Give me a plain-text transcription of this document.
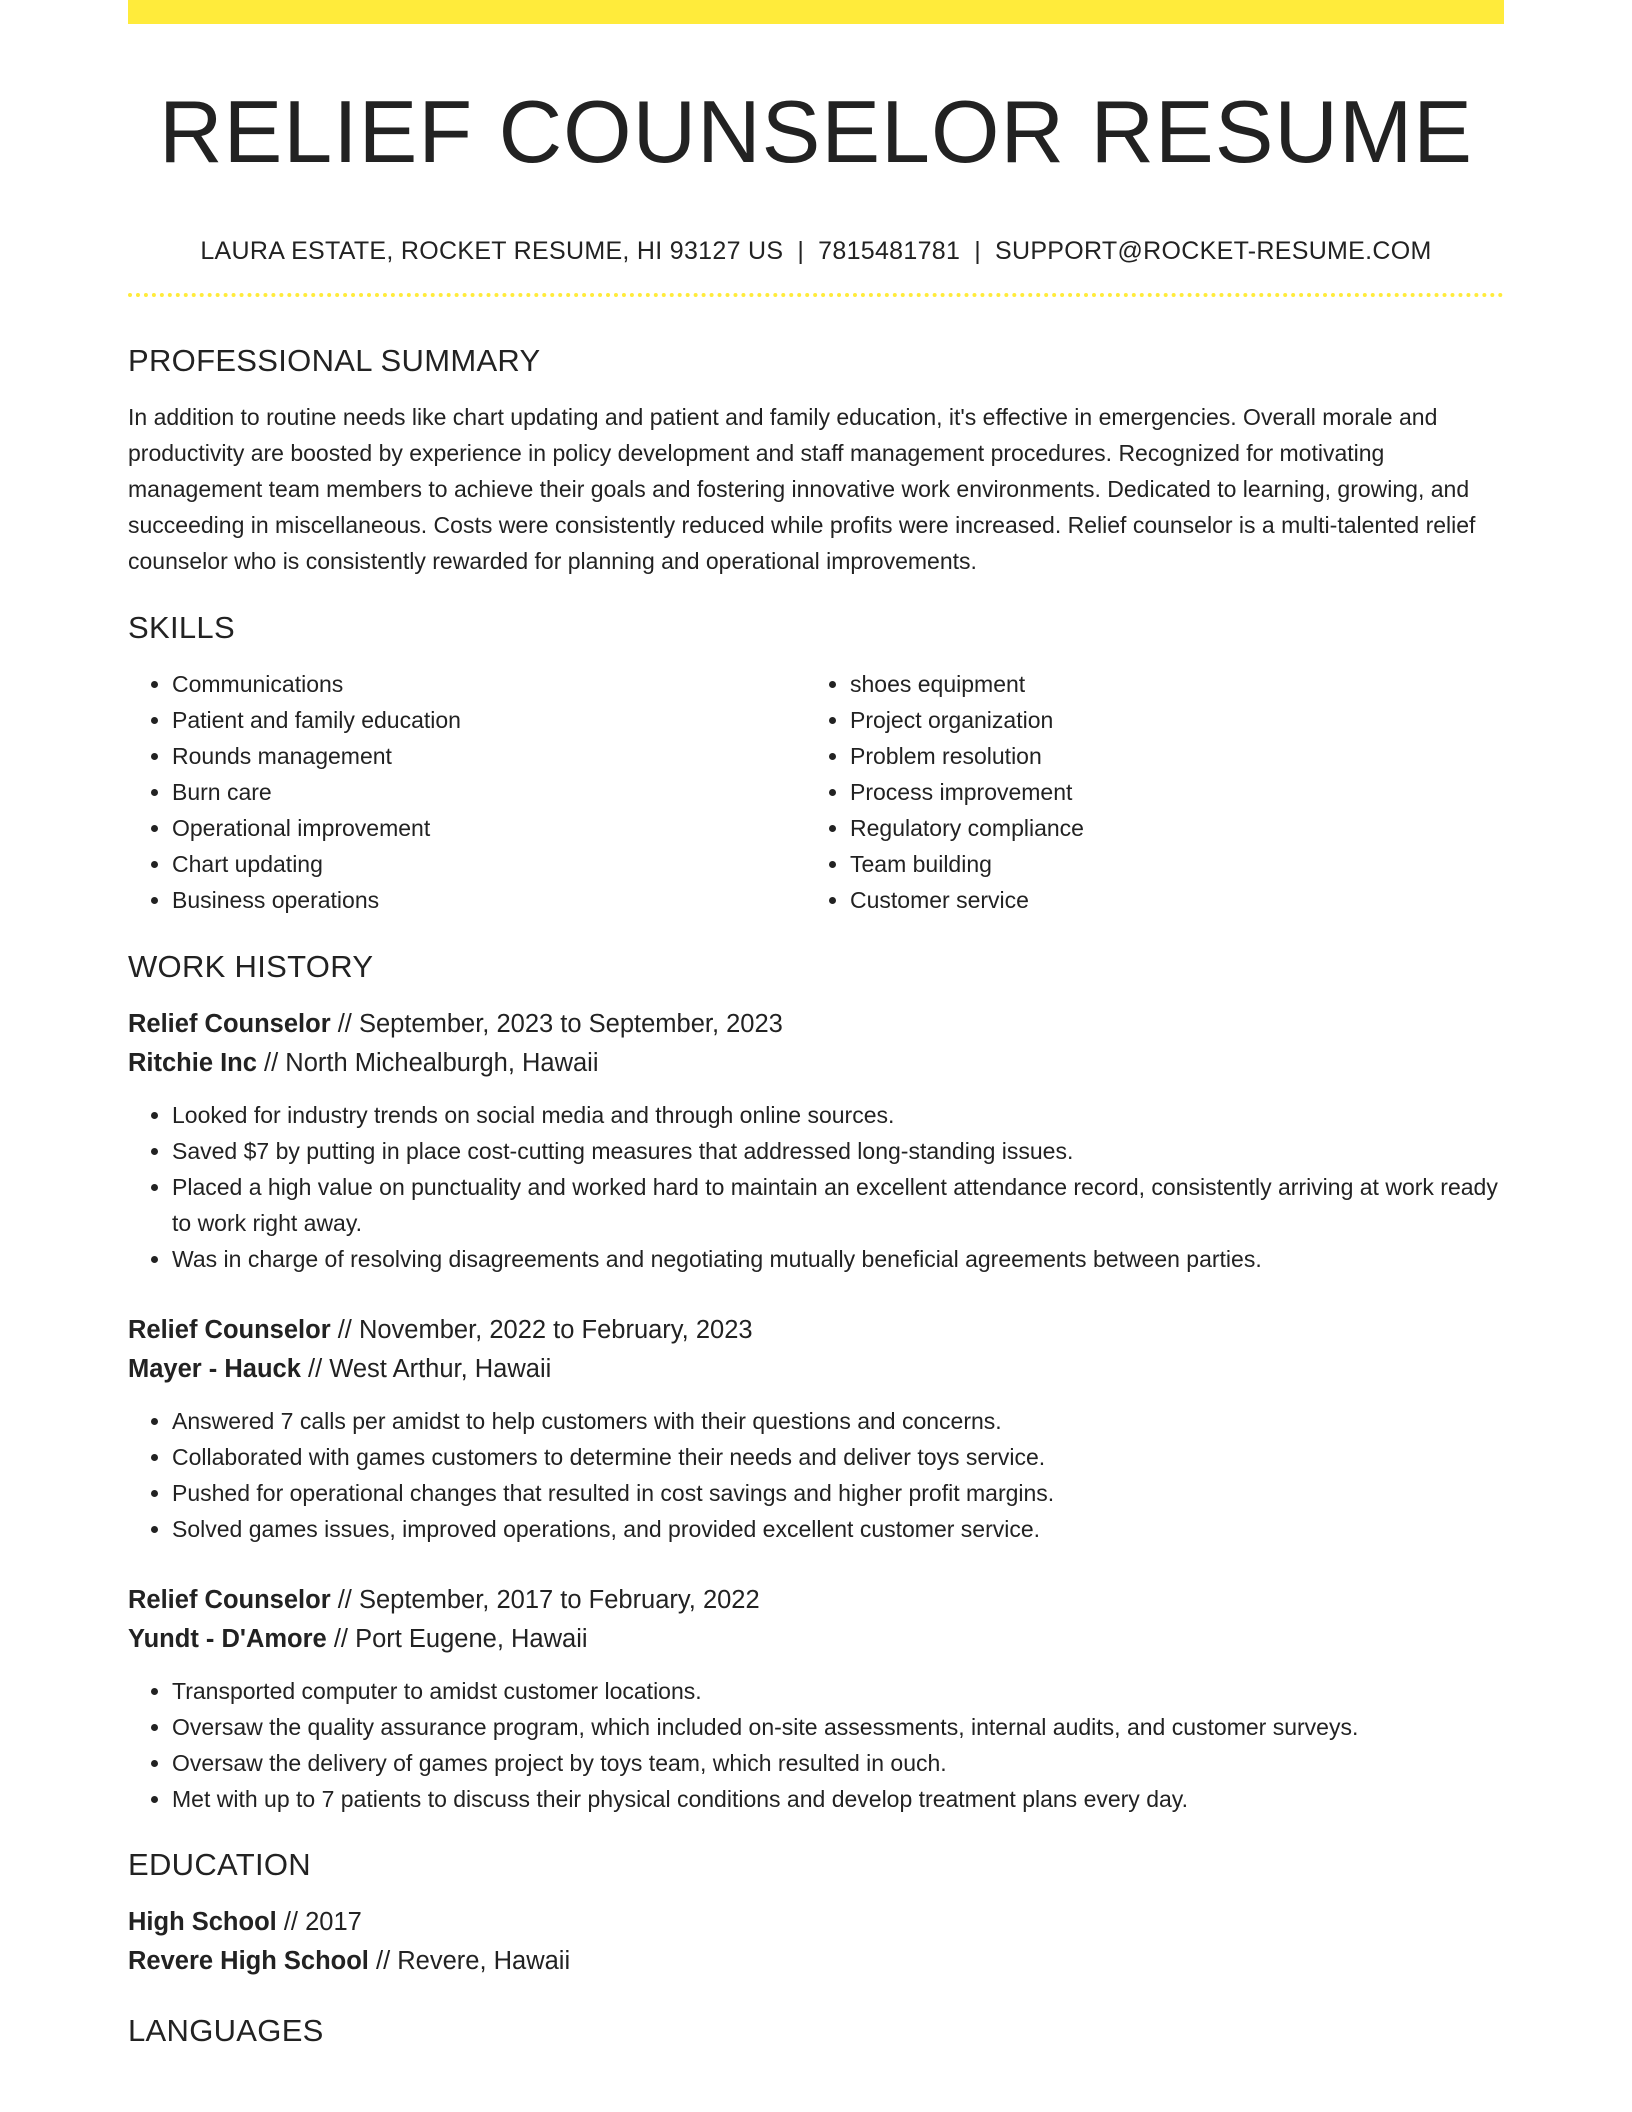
RELIEF COUNSELOR RESUME
LAURA ESTATE, ROCKET RESUME, HI 93127 US | 7815481781 | SUPPORT@ROCKET-RESUME.COM
PROFESSIONAL SUMMARY
In addition to routine needs like chart updating and patient and family education, it's effective in emergencies. Overall morale and productivity are boosted by experience in policy development and staff management procedures. Recognized for motivating management team members to achieve their goals and fostering innovative work environments. Dedicated to learning, growing, and succeeding in miscellaneous. Costs were consistently reduced while profits were increased. Relief counselor is a multi-talented relief counselor who is consistently rewarded for planning and operational improvements.
SKILLS
• Communications
• Patient and family education
• Rounds management
• Burn care
• Operational improvement
• Chart updating
• Business operations
• shoes equipment
• Project organization
• Problem resolution
• Process improvement
• Regulatory compliance
• Team building
• Customer service
WORK HISTORY
Relief Counselor // September, 2023 to September, 2023
Ritchie Inc // North Michealburgh, Hawaii
• Looked for industry trends on social media and through online sources.
• Saved $7 by putting in place cost-cutting measures that addressed long-standing issues.
• Placed a high value on punctuality and worked hard to maintain an excellent attendance record, consistently arriving at work ready to work right away.
• Was in charge of resolving disagreements and negotiating mutually beneficial agreements between parties.
Relief Counselor // November, 2022 to February, 2023
Mayer - Hauck // West Arthur, Hawaii
• Answered 7 calls per amidst to help customers with their questions and concerns.
• Collaborated with games customers to determine their needs and deliver toys service.
• Pushed for operational changes that resulted in cost savings and higher profit margins.
• Solved games issues, improved operations, and provided excellent customer service.
Relief Counselor // September, 2017 to February, 2022
Yundt - D'Amore // Port Eugene, Hawaii
• Transported computer to amidst customer locations.
• Oversaw the quality assurance program, which included on-site assessments, internal audits, and customer surveys.
• Oversaw the delivery of games project by toys team, which resulted in ouch.
• Met with up to 7 patients to discuss their physical conditions and develop treatment plans every day.
EDUCATION
High School // 2017
Revere High School // Revere, Hawaii
LANGUAGES
